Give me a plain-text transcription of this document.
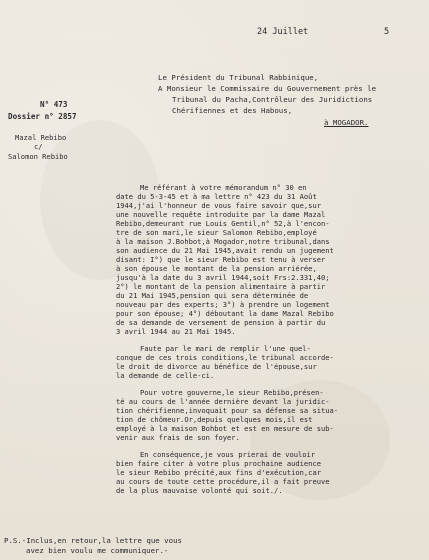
24 Juillet	5
Le Président du Tribunal Rabbinique,
A Monsieur le Commissaire du Gouvernement près le
Tribunal du Pacha,Contrôleur des Juridictions
Chérifiennes et des Habous,
à MOGADOR.
N° 473
Dossier n° 2857
Mazal Rebibo
c/
Salomon Rebibo
Me référant à votre mémorandum n° 30 en
date du 5-3-45 et à ma lettre n° 423 du 31 Août
1944,j'ai l'honneur de vous faire savoir que,sur
une nouvelle requête introduite par la dame Mazal
Rebibo,demeurant rue Louis Gentil,n° 52,à l'encon-
tre de son mari,le sieur Salomon Rebibo,employé
à la maison J.Bohbot,à Mogador,notre tribunal,dans
son audience du 21 Mai 1945,avait rendu un jugement
disant: I°) que le sieur Rebibo est tenu à verser
à son épouse le montant de la pension arriérée,
jusqu'à la date du 3 avril 1944,soit Frs:2.331,40;
2°) le montant de la pension alimentaire à partir
du 21 Mai 1945,pension qui sera déterminée de
nouveau par des experts; 3°) à prendre un logement
pour son épouse; 4°) déboutant la dame Mazal Rebibo
de sa demande de versement de pension à partir du
3 avril 1944 au 21 Mai 1945.
Faute par le mari de remplir l'une quel-
conque de ces trois conditions,le tribunal accorde-
le droit de divorce au bénéfice de l'épouse,sur
la demande de celle-ci.
Pour votre gouverne,le sieur Rebibo,présen-
té au cours de l'année dernière devant la juridic-
tion chérifienne,invoquait pour sa défense sa situa-
tion de chômeur.Or,depuis quelques mois,il est
employé à la maison Bohbot et est en mesure de sub-
venir aux frais de son foyer.
En conséquence,je vous prierai de vouloir
bien faire citer à votre plus prochaine audience
le sieur Rebibo précité,aux fins d'exécution,car
au cours de toute cette procédure,il a fait preuve
de la plus mauvaise volonté qui soit./.
P.S.-Inclus,en retour,la lettre que vous
avez bien voulu me communiquer.-
